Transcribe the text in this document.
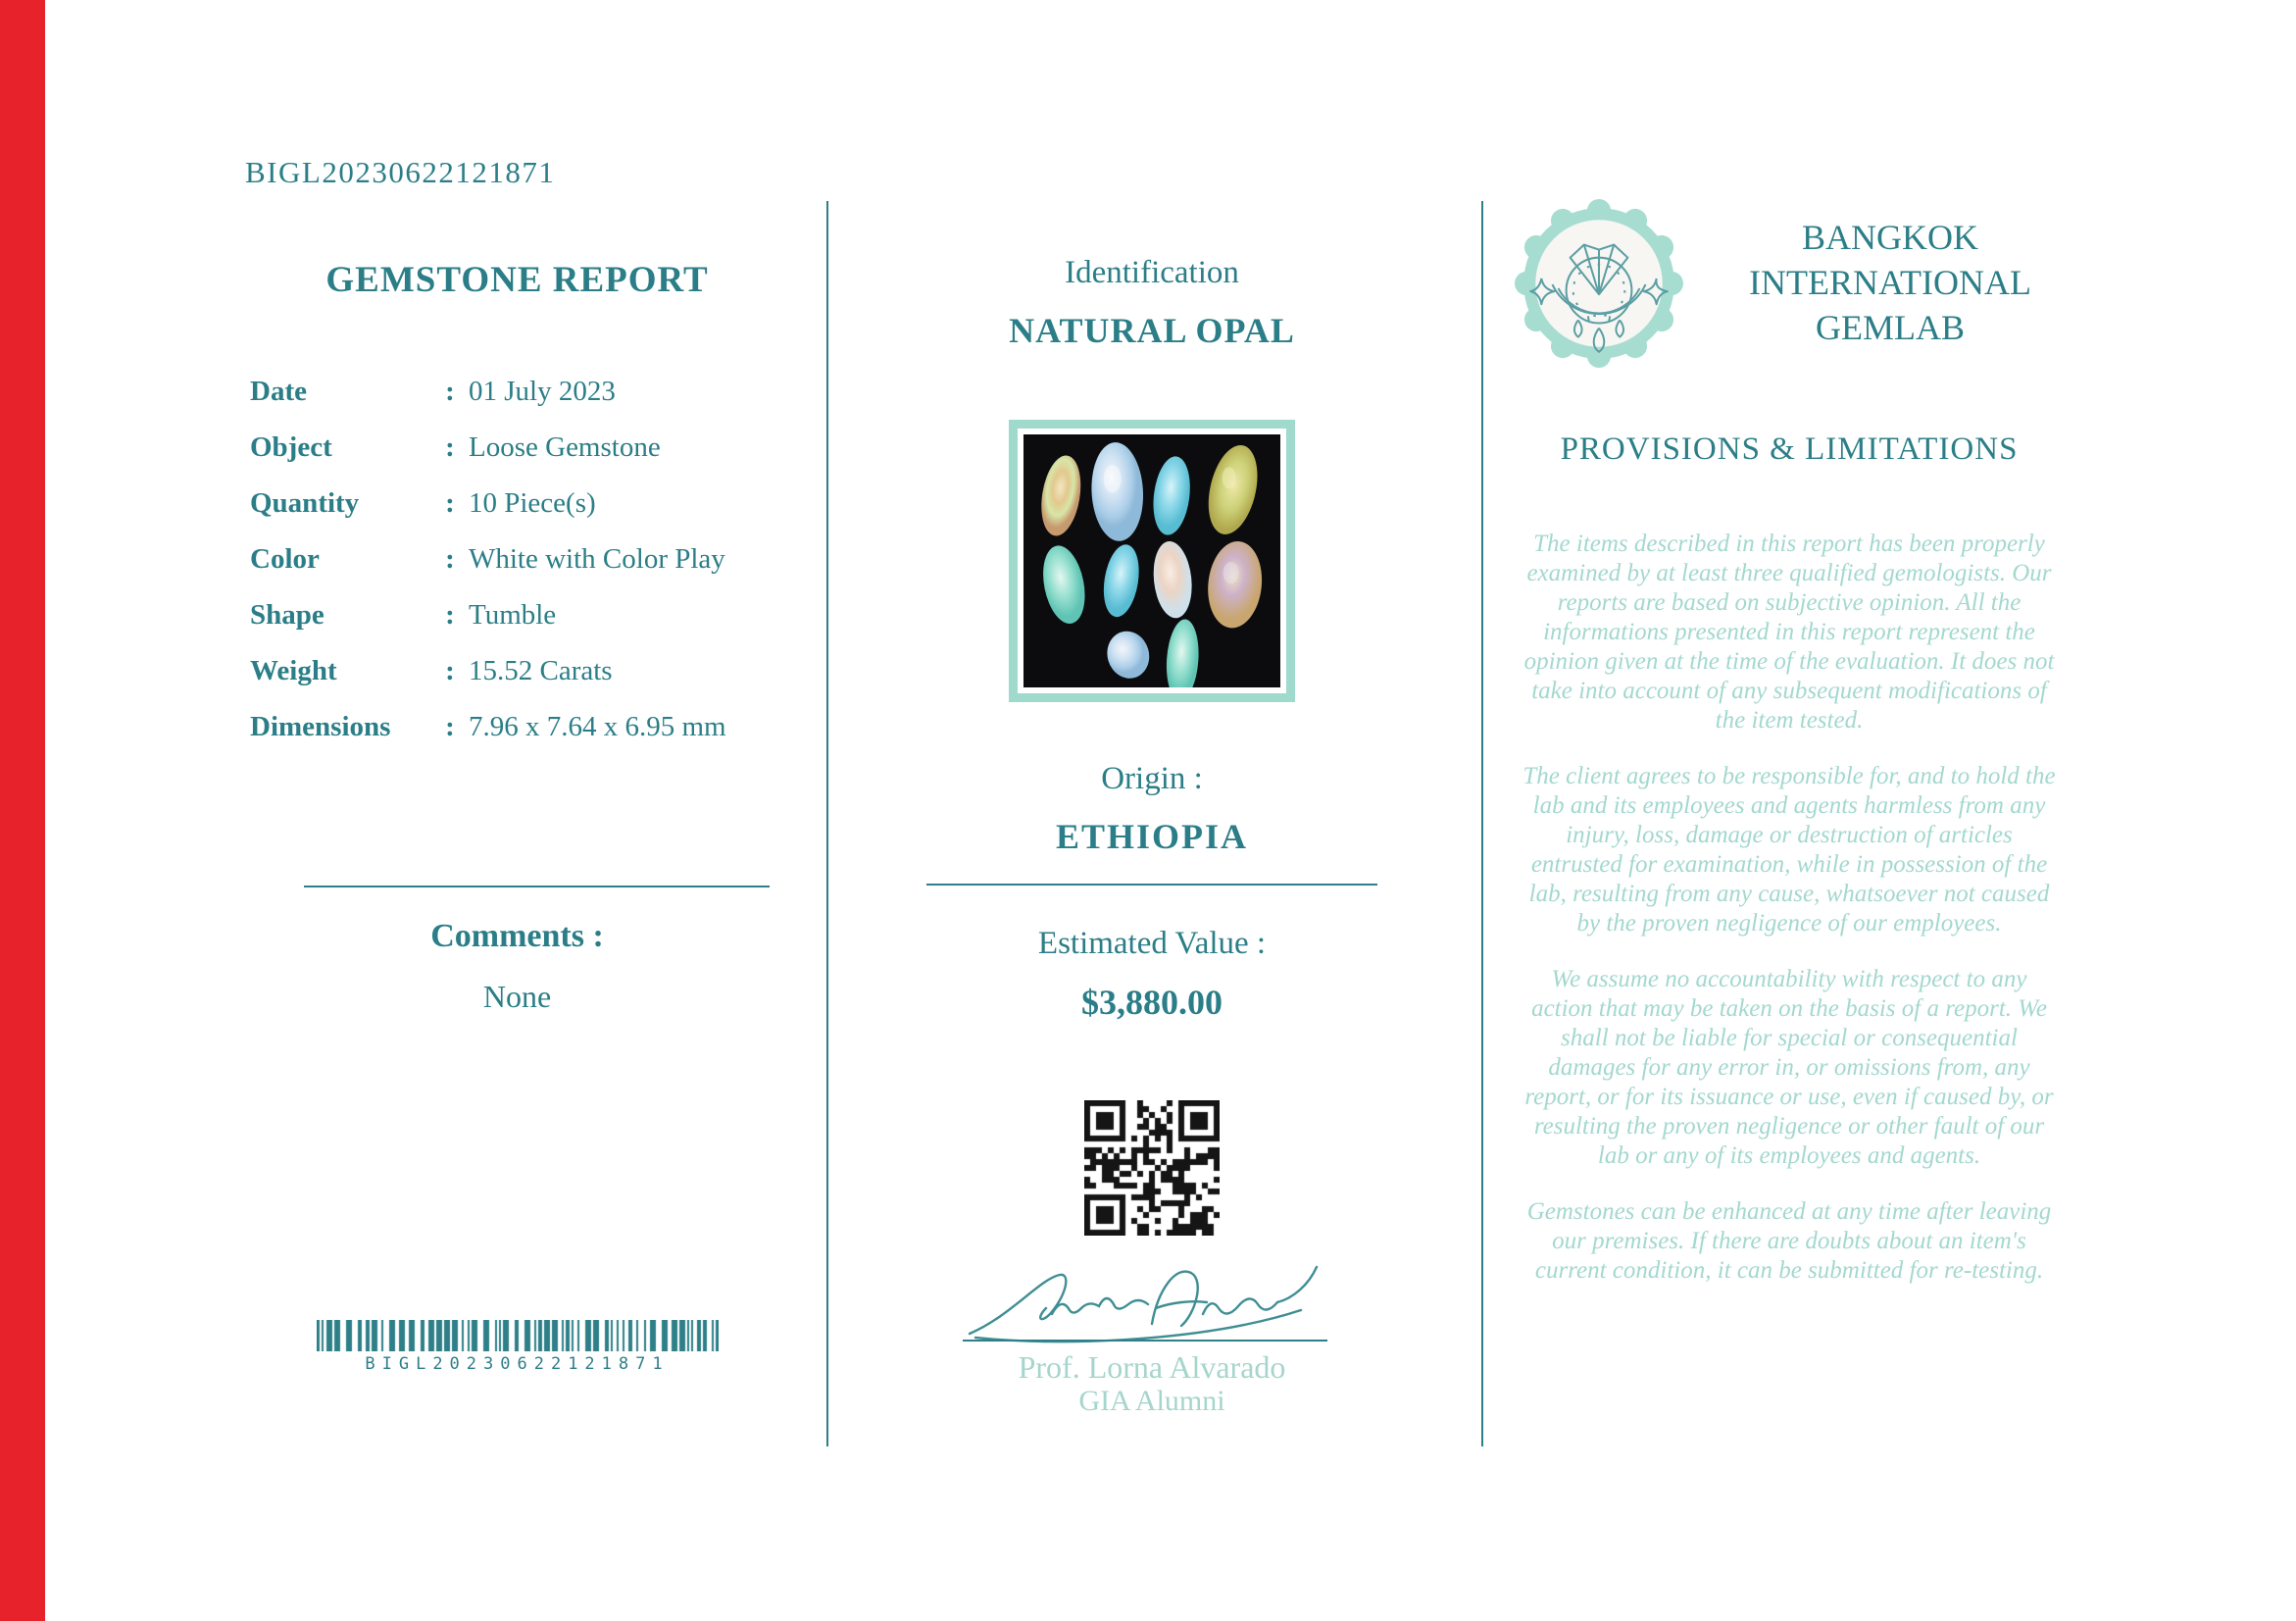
BIGL20230622121871
GEMSTONE REPORT
Date	: 01 July 2023
Object	: Loose Gemstone
Quantity	: 10 Piece(s)
Color	: White with Color Play
Shape	: Tumble
Weight	: 15.52 Carats
Dimensions	: 7.96 x 7.64 x 6.95 mm
Comments :
None
BIGL20230622121871
Identification
NATURAL OPAL
Origin :
ETHIOPIA
Estimated Value :
$3,880.00
Prof. Lorna Alvarado
GIA Alumni
BANGKOK
INTERNATIONAL
GEMLAB
PROVISIONS & LIMITATIONS

The items described in this report has been properly examined by at least three qualified gemologists. Our reports are based on subjective opinion. All the informations presented in this report represent the opinion given at the time of the evaluation. It does not take into account of any subsequent modifications of the item tested.

The client agrees to be responsible for, and to hold the lab and its employees and agents harmless from any injury, loss, damage or destruction of articles entrusted for examination, while in possession of the lab, resulting from any cause, whatsoever not caused by the proven negligence of our employees.

We assume no accountability with respect to any action that may be taken on the basis of a report. We shall not be liable for special or consequential damages for any error in, or omissions from, any report, or for its issuance or use, even if caused by, or resulting the proven negligence or other fault of our lab or any of its employees and agents.

Gemstones can be enhanced at any time after leaving our premises. If there are doubts about an item's current condition, it can be submitted for re-testing.
